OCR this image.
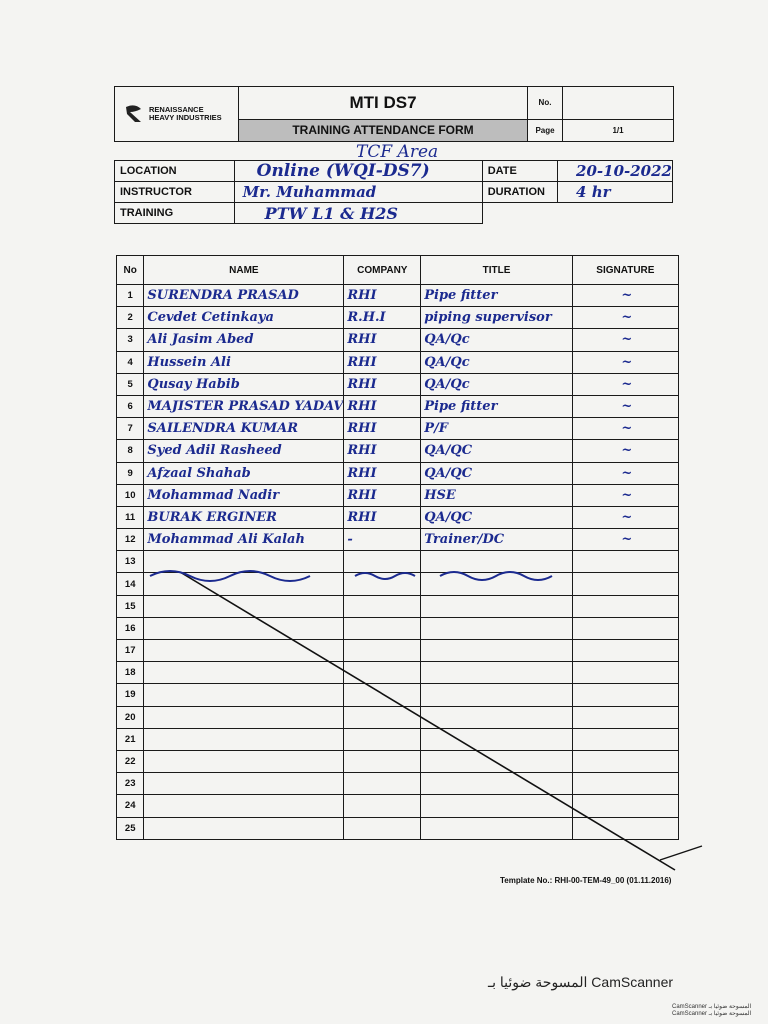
RENAISSANCE
HEAVY INDUSTRIES	MTI DS7	No.	
	TRAINING ATTENDANCE FORM	Page	1/1
TCF Area
LOCATION	Online (WQI-DS7)	DATE	20-10-2022
INSTRUCTOR	Mr. Muhammad	DURATION	4 hr
TRAINING	PTW L1 & H2S		
No	NAME	COMPANY	TITLE	SIGNATURE
1	SURENDRA PRASAD	RHI	Pipe fitter	~
2	Cevdet Cetinkaya	R.H.I	piping supervisor	~
3	Ali Jasim Abed	RHI	QA/Qc	~
4	Hussein Ali	RHI	QA/Qc	~
5	Qusay Habib	RHI	QA/Qc	~
6	MAJISTER PRASAD YADAV	RHI	Pipe fitter	~
7	SAILENDRA KUMAR	RHI	P/F	~
8	Syed Adil Rasheed	RHI	QA/QC	~
9	Afzaal Shahab	RHI	QA/QC	~
10	Mohammad Nadir	RHI	HSE	~
11	BURAK ERGINER	RHI	QA/QC	~
12	Mohammad Ali Kalah	-	Trainer/DC	~
13				
14				
15				
16				
17				
18				
19				
20				
21				
22				
23				
24				
25				
Template No.: RHI-00-TEM-49_00 (01.11.2016)
المسوحة ضوئيا بـ CamScanner
CamScanner المسوحة ضوئيا بـ
CamScanner المسوحة ضوئيا بـ
